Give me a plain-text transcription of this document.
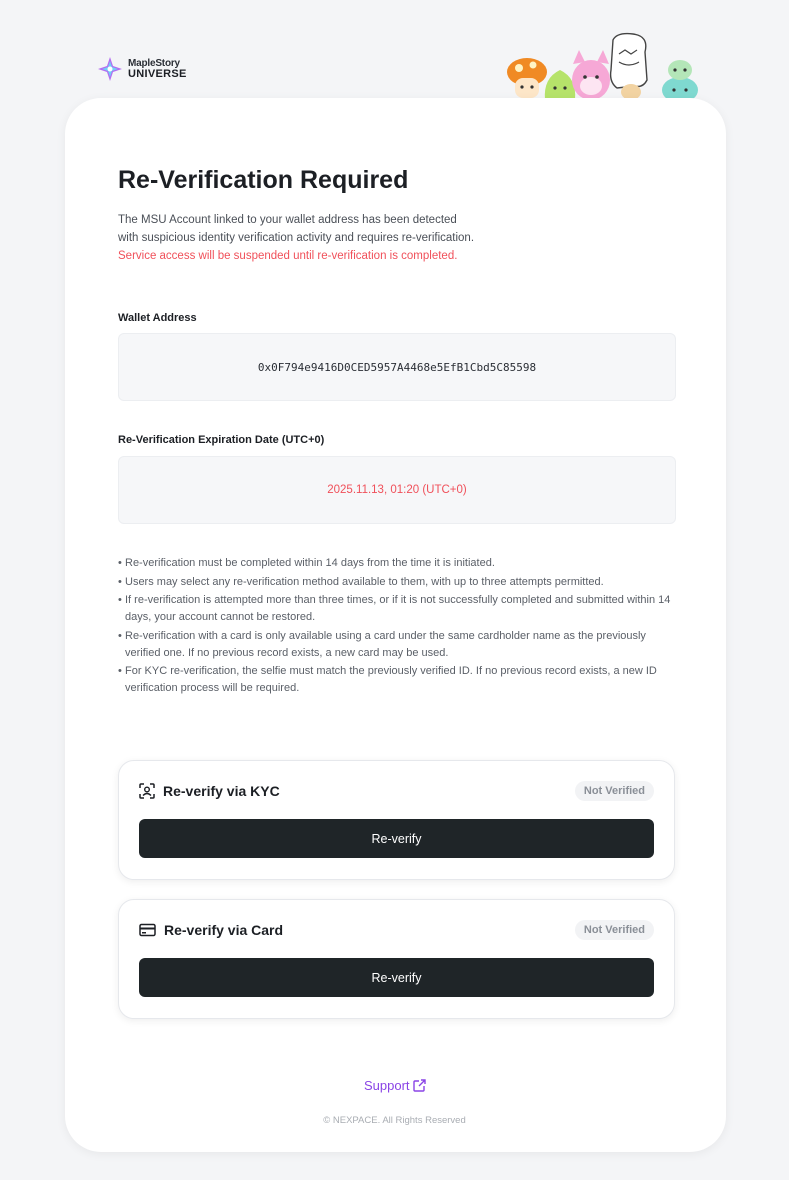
MapleStory
UNIVERSE
Re-Verification Required
The MSU Account linked to your wallet address has been detected
with suspicious identity verification activity and requires re-verification.
Service access will be suspended until re-verification is completed.
Wallet Address
0x0F794e9416D0CED5957A4468e5EfB1Cbd5C85598
Re-Verification Expiration Date (UTC+0)
2025.11.13, 01:20 (UTC+0)
• Re-verification must be completed within 14 days from the time it is initiated.
• Users may select any re-verification method available to them, with up to three attempts permitted.
• If re-verification is attempted more than three times, or if it is not successfully completed and submitted within 14 days, your account cannot be restored.
• Re-verification with a card is only available using a card under the same cardholder name as the previously verified one. If no previous record exists, a new card may be used.
• For KYC re-verification, the selfie must match the previously verified ID. If no previous record exists, a new ID verification process will be required.
Re-verify via KYC	Not Verified
Re-verify
Re-verify via Card	Not Verified
Re-verify
Support
© NEXPACE. All Rights Reserved
